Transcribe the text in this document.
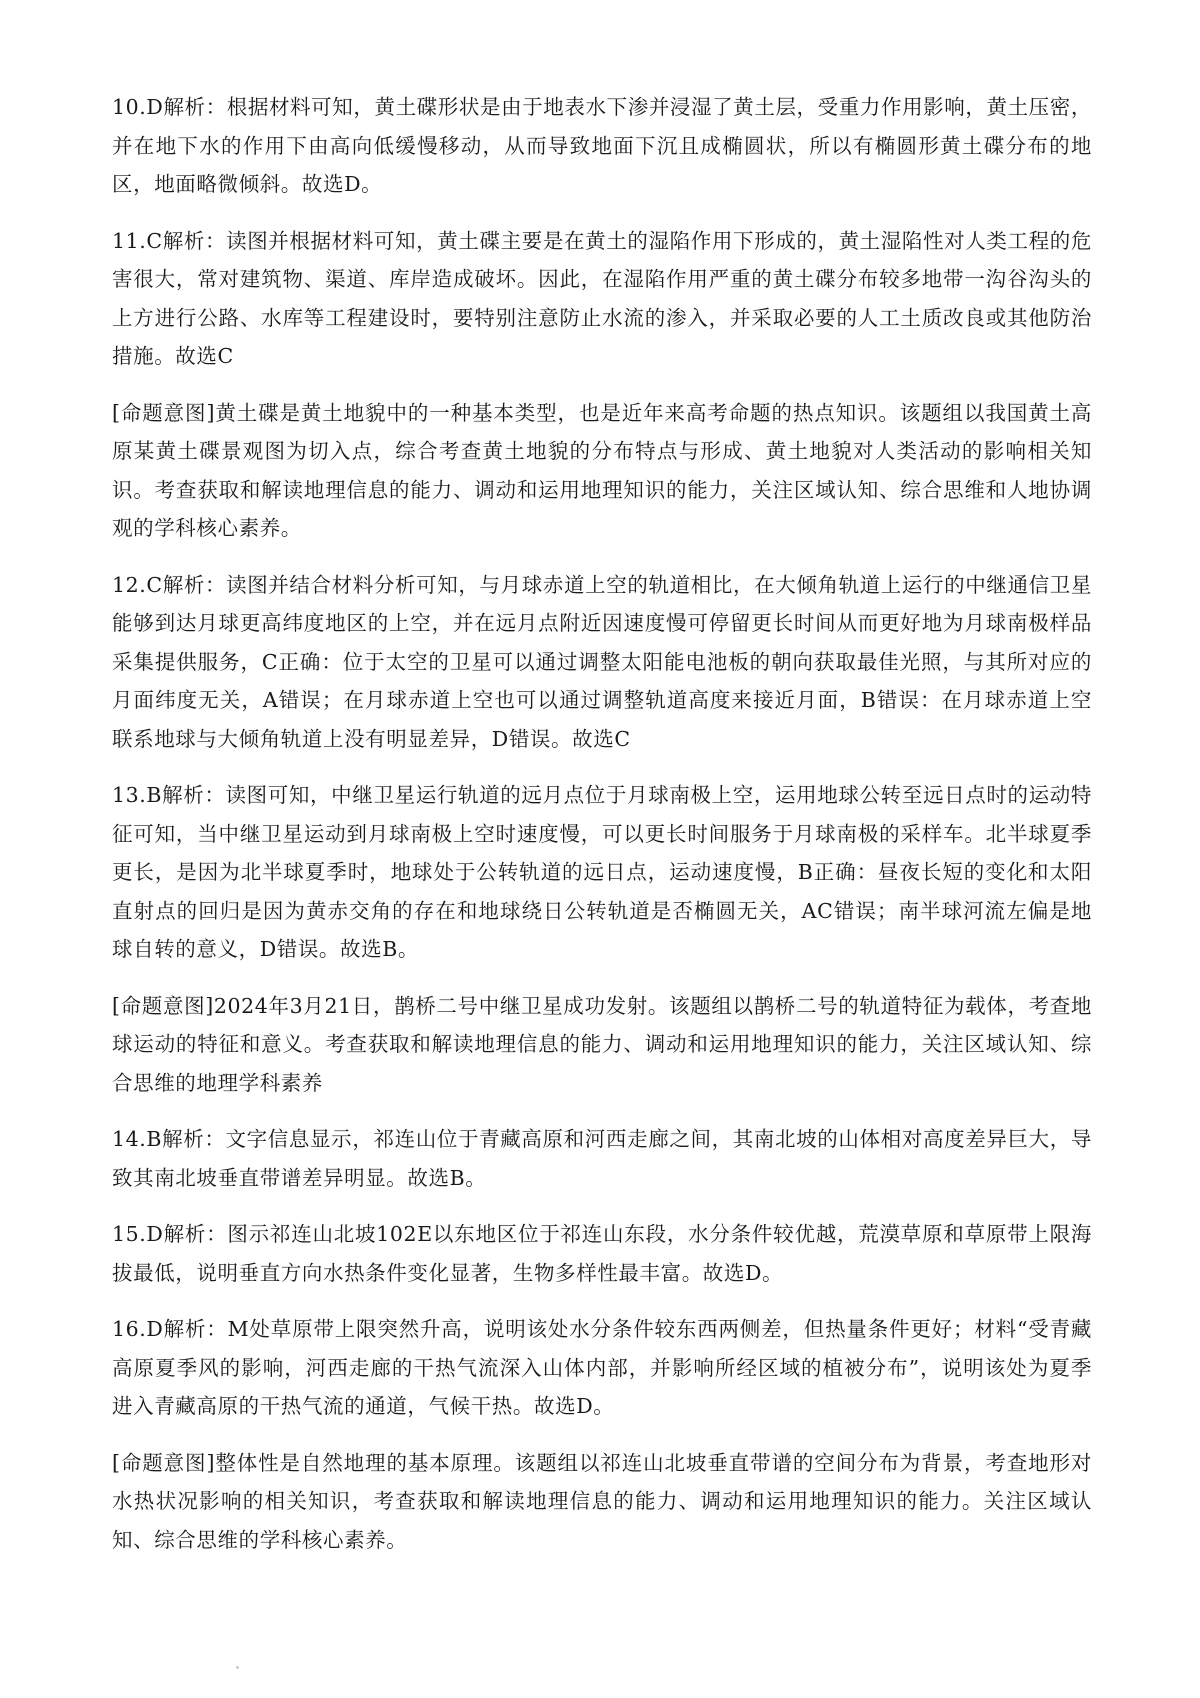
10.D解析：根据材料可知，黄土碟形状是由于地表水下渗并浸湿了黄土层，受重力作用影响，黄土压密，并在地下水的作用下由高向低缓慢移动，从而导致地面下沉且成椭圆状，所以有椭圆形黄土碟分布的地区，地面略微倾斜。故选D。

11.C解析：读图并根据材料可知，黄土碟主要是在黄土的湿陷作用下形成的，黄土湿陷性对人类工程的危害很大，常对建筑物、渠道、库岸造成破坏。因此，在湿陷作用严重的黄土碟分布较多地带一沟谷沟头的上方进行公路、水库等工程建设时，要特别注意防止水流的渗入，并采取必要的人工土质改良或其他防治措施。故选C

[命题意图]黄土碟是黄土地貌中的一种基本类型，也是近年来高考命题的热点知识。该题组以我国黄土高原某黄土碟景观图为切入点，综合考查黄土地貌的分布特点与形成、黄土地貌对人类活动的影响相关知识。考查获取和解读地理信息的能力、调动和运用地理知识的能力，关注区域认知、综合思维和人地协调观的学科核心素养。

12.C解析：读图并结合材料分析可知，与月球赤道上空的轨道相比，在大倾角轨道上运行的中继通信卫星能够到达月球更高纬度地区的上空，并在远月点附近因速度慢可停留更长时间从而更好地为月球南极样品采集提供服务，C正确：位于太空的卫星可以通过调整太阳能电池板的朝向获取最佳光照，与其所对应的月面纬度无关，A错误；在月球赤道上空也可以通过调整轨道高度来接近月面，B错误：在月球赤道上空联系地球与大倾角轨道上没有明显差异，D错误。故选C

13.B解析：读图可知，中继卫星运行轨道的远月点位于月球南极上空，运用地球公转至远日点时的运动特征可知，当中继卫星运动到月球南极上空时速度慢，可以更长时间服务于月球南极的采样车。北半球夏季更长，是因为北半球夏季时，地球处于公转轨道的远日点，运动速度慢，B正确：昼夜长短的变化和太阳直射点的回归是因为黄赤交角的存在和地球绕日公转轨道是否椭圆无关，AC错误；南半球河流左偏是地球自转的意义，D错误。故选B。

[命题意图]2024年3月21日，鹊桥二号中继卫星成功发射。该题组以鹊桥二号的轨道特征为载体，考查地球运动的特征和意义。考查获取和解读地理信息的能力、调动和运用地理知识的能力，关注区域认知、综合思维的地理学科素养

14.B解析：文字信息显示，祁连山位于青藏高原和河西走廊之间，其南北坡的山体相对高度差异巨大，导致其南北坡垂直带谱差异明显。故选B。

15.D解析：图示祁连山北坡102E以东地区位于祁连山东段，水分条件较优越，荒漠草原和草原带上限海拔最低，说明垂直方向水热条件变化显著，生物多样性最丰富。故选D。

16.D解析：M处草原带上限突然升高，说明该处水分条件较东西两侧差，但热量条件更好；材料“受青藏高原夏季风的影响，河西走廊的干热气流深入山体内部，并影响所经区域的植被分布”，说明该处为夏季进入青藏高原的干热气流的通道，气候干热。故选D。

[命题意图]整体性是自然地理的基本原理。该题组以祁连山北坡垂直带谱的空间分布为背景，考查地形对水热状况影响的相关知识，考查获取和解读地理信息的能力、调动和运用地理知识的能力。关注区域认知、综合思维的学科核心素养。
